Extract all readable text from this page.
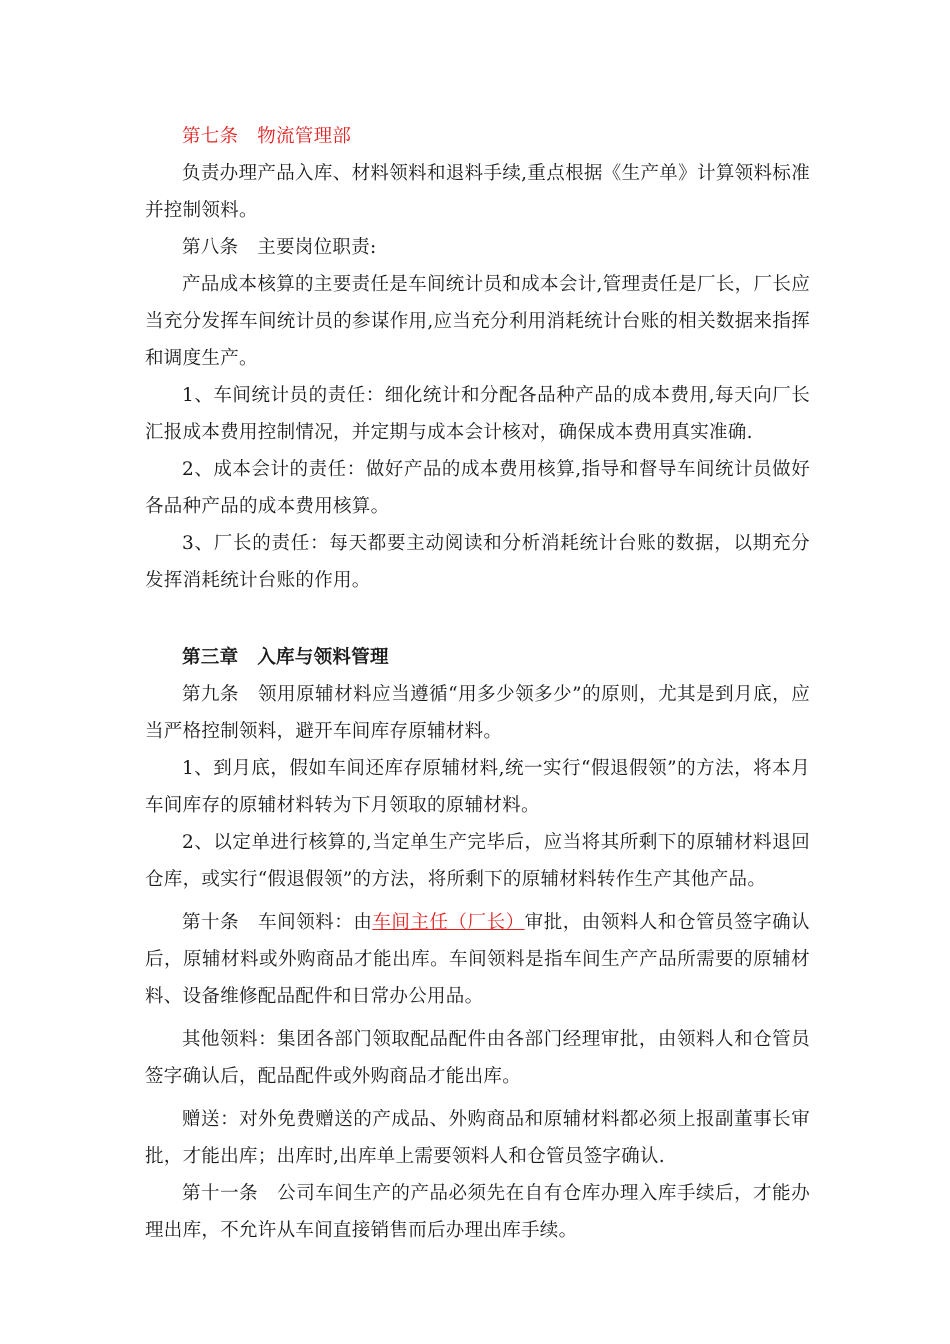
第七条　物流管理部

负责办理产品入库、材料领料和退料手续,重点根据《生产单》计算领料标准并控制领料。

第八条　主要岗位职责:

产品成本核算的主要责任是车间统计员和成本会计,管理责任是厂长，厂长应当充分发挥车间统计员的参谋作用,应当充分利用消耗统计台账的相关数据来指挥和调度生产。

1、车间统计员的责任：细化统计和分配各品种产品的成本费用,每天向厂长汇报成本费用控制情况，并定期与成本会计核对，确保成本费用真实准确.

2、成本会计的责任：做好产品的成本费用核算,指导和督导车间统计员做好各品种产品的成本费用核算。

3、厂长的责任：每天都要主动阅读和分析消耗统计台账的数据，以期充分发挥消耗统计台账的作用。

第三章　入库与领料管理

第九条　领用原辅材料应当遵循“用多少领多少”的原则，尤其是到月底，应当严格控制领料，避开车间库存原辅材料。

1、到月底，假如车间还库存原辅材料,统一实行“假退假领”的方法，将本月车间库存的原辅材料转为下月领取的原辅材料。

2、以定单进行核算的,当定单生产完毕后，应当将其所剩下的原辅材料退回仓库，或实行“假退假领”的方法，将所剩下的原辅材料转作生产其他产品。

第十条　车间领料：由车间主任（厂长）审批，由领料人和仓管员签字确认后，原辅材料或外购商品才能出库。车间领料是指车间生产产品所需要的原辅材料、设备维修配品配件和日常办公用品。

其他领料：集团各部门领取配品配件由各部门经理审批，由领料人和仓管员签字确认后，配品配件或外购商品才能出库。

赠送：对外免费赠送的产成品、外购商品和原辅材料都必须上报副董事长审批，才能出库；出库时,出库单上需要领料人和仓管员签字确认.

第十一条　公司车间生产的产品必须先在自有仓库办理入库手续后，才能办理出库，不允许从车间直接销售而后办理出库手续。
